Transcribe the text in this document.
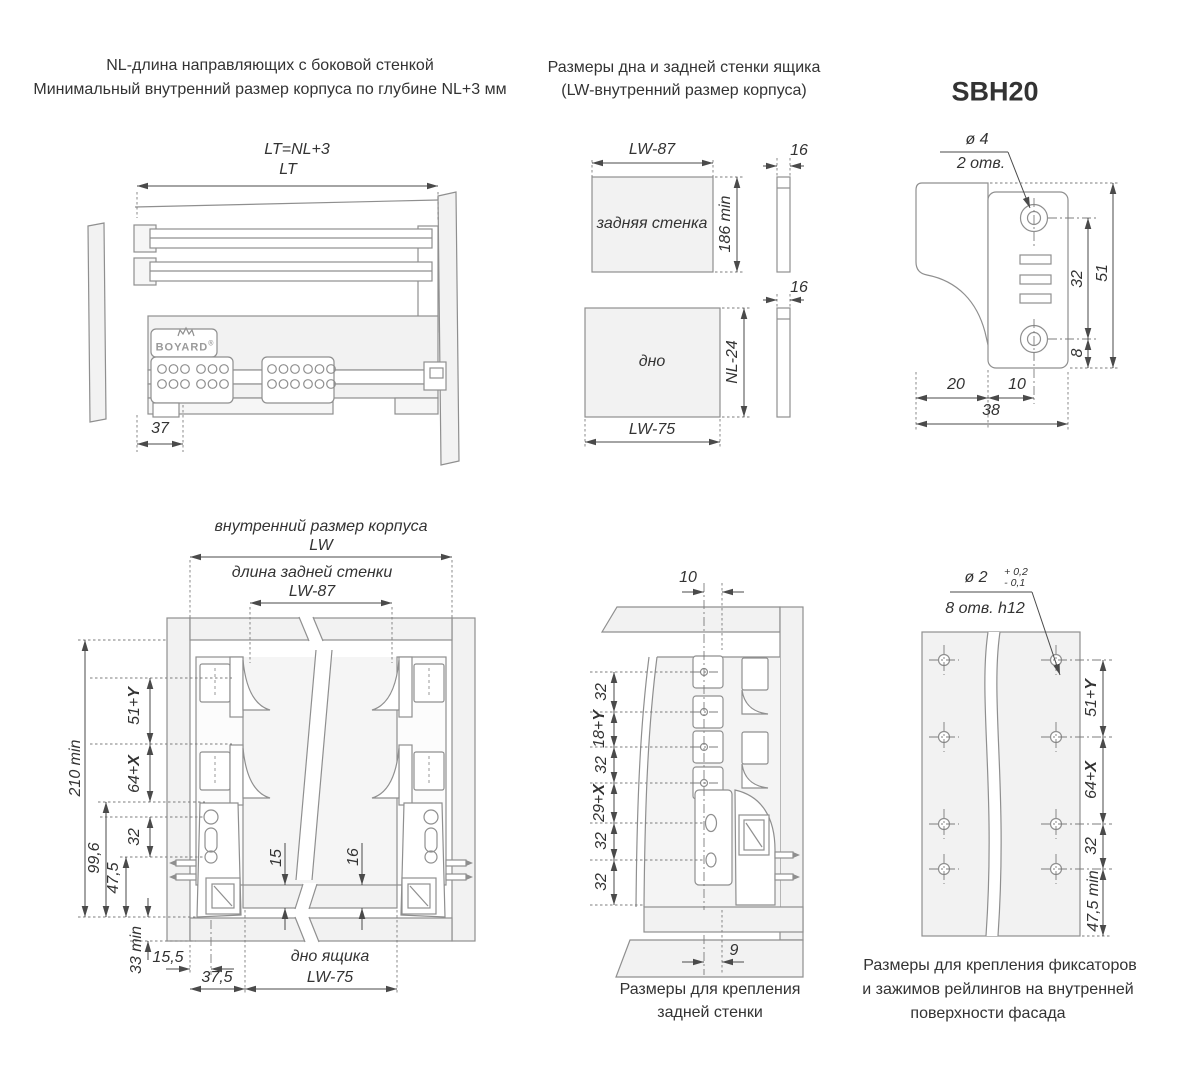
NL-длина направляющих с боковой стенкой
Минимальный внутренний размер корпуса по глубине NL+3 мм
LT=NL+3
LT
37
BOYARD®
Размеры дна и задней стенки ящика
(LW-внутренний размер корпуса)
LW-87
задняя стенка 186 min
16
дно	NL-24
LW-75
16
SBH20
ø 4
2 отв.
32 51
8
20	10
38
внутренний размер корпуса
LW
длина задней стенки
LW-87
210 min
99,6
47,5
33 min
51+Y
64+X
32
15	16
15,5
37,5
дно ящика
LW-75
10
32
18+Y
32
29+X
32
32
9
Размеры для крепления
задней стенки
ø 2 + 0,2
- 0,1
8 отв. h12
51+Y
64+X
32
47,5 min
Размеры для крепления фиксаторов
и зажимов рейлингов на внутренней
поверхности фасада
